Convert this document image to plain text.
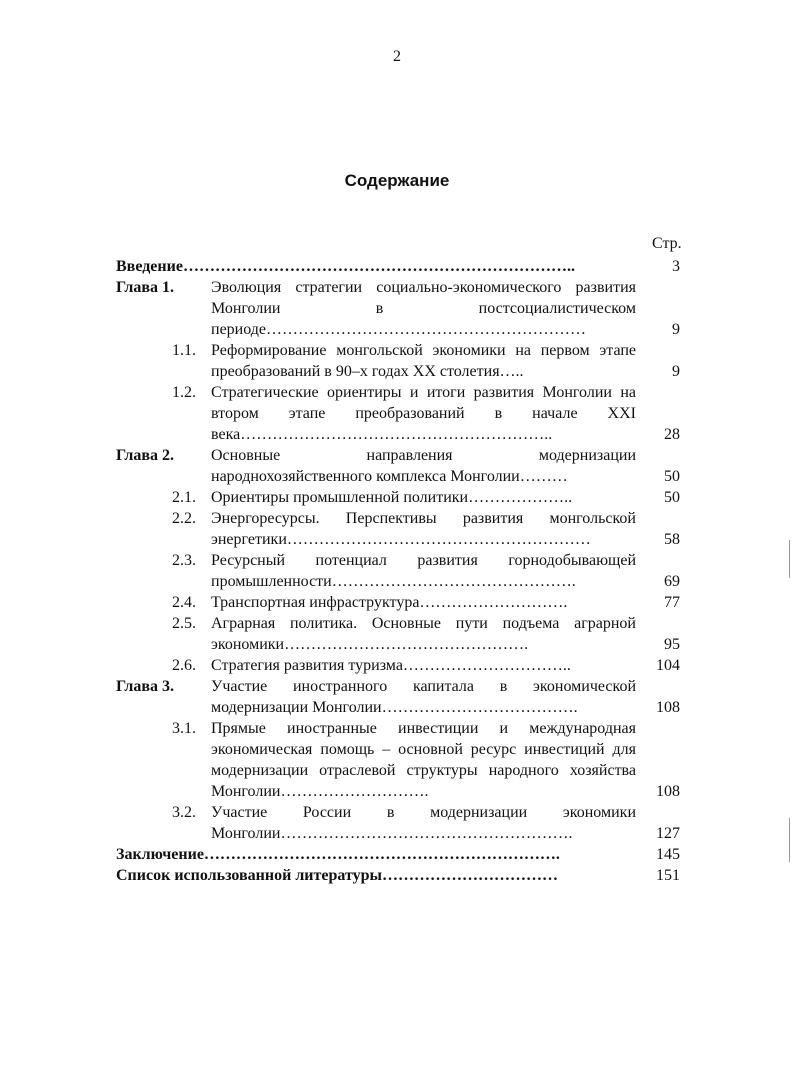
2
Содержание
Стр.
Введение………………………………………………………………..	3
Глава 1.	Эволюция стратегии социально-экономического развития Монголии в постсоциалистическом периоде……………………………………………………	9
1.1. Реформирование монгольской экономики на первом этапе преобразований в 90–х годах XX столетия…..	9
1.2. Стратегические ориентиры и итоги развития Монголии на втором этапе преобразований в начале XXI века…………………………………………………..	28
Глава 2.	Основные направления модернизации народнохозяйственного комплекса Монголии………	50
2.1. Ориентиры промышленной политики………………..	50
2.2. Энергоресурсы. Перспективы развития монгольской энергетики…………………………………………………	58
2.3. Ресурсный потенциал развития горнодобывающей промышленности……………………………………….	69
2.4. Транспортная инфраструктура……………………….	77
2.5. Аграрная политика. Основные пути подъема аграрной экономики……………………………………….	95
2.6. Стратегия развития туризма…………………………..	104
Глава 3.	Участие иностранного капитала в экономической модернизации Монголии……………………………….	108
3.1. Прямые иностранные инвестиции и международная экономическая помощь – основной ресурс инвестиций для модернизации отраслевой структуры народного хозяйства Монголии……………………….	108
3.2. Участие России в модернизации экономики Монголии……………………………………………….	127
Заключение………………………………………………………….	145
Список использованной литературы……………………………	151
